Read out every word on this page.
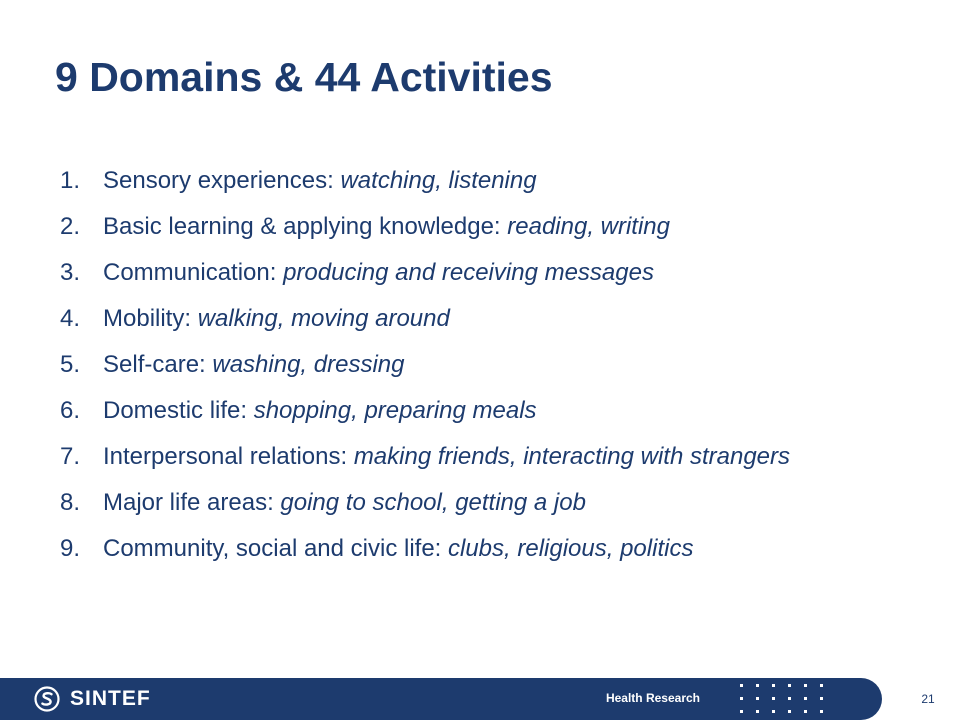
9 Domains & 44 Activities
1. Sensory experiences: watching, listening
2. Basic learning & applying knowledge: reading, writing
3. Communication: producing and receiving messages
4. Mobility: walking, moving around
5. Self-care: washing, dressing
6. Domestic life: shopping, preparing meals
7. Interpersonal relations: making friends, interacting with strangers
8. Major life areas: going to school, getting a job
9. Community, social and civic life: clubs, religious, politics
SINTEF	Health Research	21
